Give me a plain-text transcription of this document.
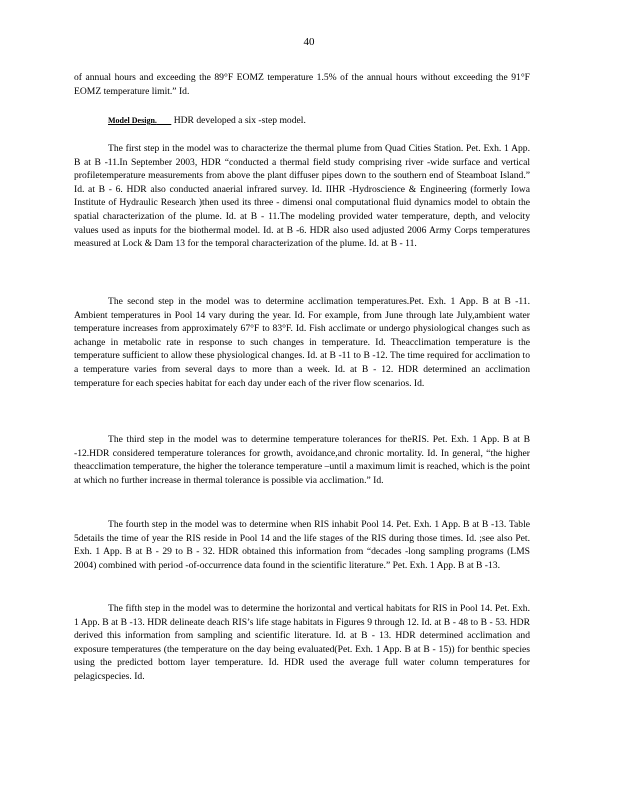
40

of annual hours and exceeding the 89°F EOMZ temperature 1.5% of the annual hours without exceeding the 91°F EOMZ temperature limit.” Id.

Model Design. HDR developed a six -step model.

The first step in the model was to characterize the thermal plume from Quad Cities Station. Pet. Exh. 1 App. B at B -11.In September 2003, HDR “conducted a thermal field study comprising river -wide surface and vertical profiletemperature measurements from above the plant diffuser pipes down to the southern end of Steamboat Island.” Id. at B - 6. HDR also conducted anaerial infrared survey. Id. IIHR -Hydroscience & Engineering (formerly Iowa Institute of Hydraulic Research )then used its three - dimensi onal computational fluid dynamics model to obtain the spatial characterization of the plume. Id. at B - 11.The modeling provided water temperature, depth, and velocity values used as inputs for the biothermal model. Id. at B -6. HDR also used adjusted 2006 Army Corps temperatures measured at Lock & Dam 13 for the temporal characterization of the plume. Id. at B - 11.

The second step in the model was to determine acclimation temperatures.Pet. Exh. 1 App. B at B -11. Ambient temperatures in Pool 14 vary during the year. Id. For example, from June through late July,ambient water temperature increases from approximately 67°F to 83°F. Id. Fish acclimate or undergo physiological changes such as achange in metabolic rate in response to such changes in temperature. Id. Theacclimation temperature is the temperature sufficient to allow these physiological changes. Id. at B -11 to B -12. The time required for acclimation to a temperature varies from several days to more than a week. Id. at B - 12. HDR determined an acclimation temperature for each species habitat for each day under each of the river flow scenarios. Id.

The third step in the model was to determine temperature tolerances for theRIS. Pet. Exh. 1 App. B at B -12.HDR considered temperature tolerances for growth, avoidance,and chronic mortality. Id. In general, “the higher theacclimation temperature, the higher the tolerance temperature –until a maximum limit is reached, which is the point at which no further increase in thermal tolerance is possible via acclimation.” Id.

The fourth step in the model was to determine when RIS inhabit Pool 14. Pet. Exh. 1 App. B at B -13. Table 5details the time of year the RIS reside in Pool 14 and the life stages of the RIS during those times. Id. ;see also Pet. Exh. 1 App. B at B - 29 to B - 32. HDR obtained this information from “decades -long sampling programs (LMS 2004) combined with period -of-occurrence data found in the scientific literature.” Pet. Exh. 1 App. B at B -13.

The fifth step in the model was to determine the horizontal and vertical habitats for RIS in Pool 14. Pet. Exh. 1 App. B at B -13. HDR delineate deach RIS’s life stage habitats in Figures 9 through 12. Id. at B - 48 to B - 53. HDR derived this information from sampling and scientific literature. Id. at B - 13. HDR determined acclimation and exposure temperatures (the temperature on the day being evaluated(Pet. Exh. 1 App. B at B - 15)) for benthic species using the predicted bottom layer temperature. Id. HDR used the average full water column temperatures for pelagicspecies. Id.
